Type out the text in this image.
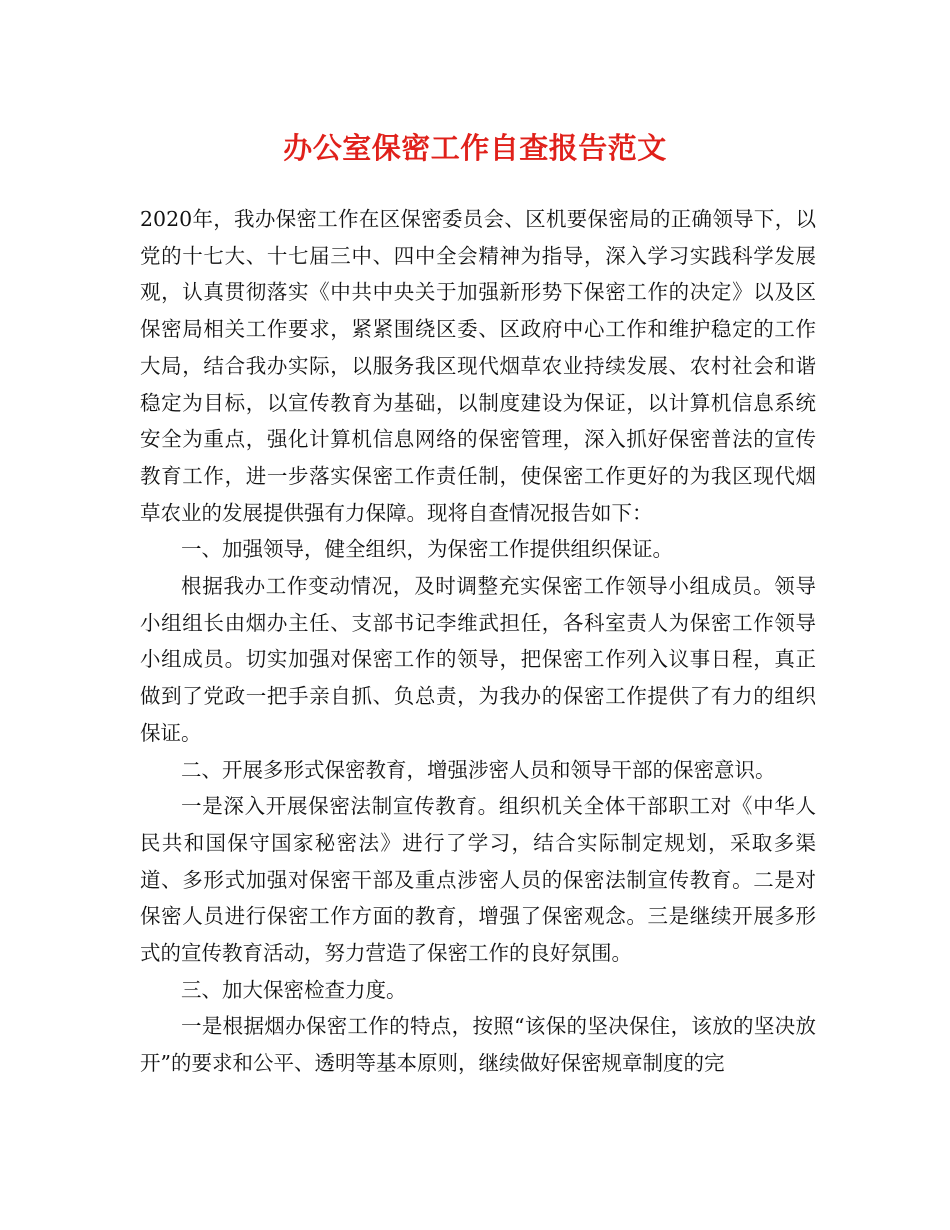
办公室保密工作自查报告范文

2020年，我办保密工作在区保密委员会、区机要保密局的正确领导下，以党的十七大、十七届三中、四中全会精神为指导，深入学习实践科学发展观，认真贯彻落实《中共中央关于加强新形势下保密工作的决定》以及区保密局相关工作要求，紧紧围绕区委、区政府中心工作和维护稳定的工作大局，结合我办实际，以服务我区现代烟草农业持续发展、农村社会和谐稳定为目标，以宣传教育为基础，以制度建设为保证，以计算机信息系统安全为重点，强化计算机信息网络的保密管理，深入抓好保密普法的宣传教育工作，进一步落实保密工作责任制，使保密工作更好的为我区现代烟草农业的发展提供强有力保障。现将自查情况报告如下：

一、加强领导，健全组织，为保密工作提供组织保证。

根据我办工作变动情况，及时调整充实保密工作领导小组成员。领导小组组长由烟办主任、支部书记李维武担任，各科室责人为保密工作领导小组成员。切实加强对保密工作的领导，把保密工作列入议事日程，真正做到了党政一把手亲自抓、负总责，为我办的保密工作提供了有力的组织保证。

二、开展多形式保密教育，增强涉密人员和领导干部的保密意识。

一是深入开展保密法制宣传教育。组织机关全体干部职工对《中华人民共和国保守国家秘密法》进行了学习，结合实际制定规划，采取多渠道、多形式加强对保密干部及重点涉密人员的保密法制宣传教育。二是对保密人员进行保密工作方面的教育，增强了保密观念。三是继续开展多形式的宣传教育活动，努力营造了保密工作的良好氛围。

三、加大保密检查力度。

一是根据烟办保密工作的特点，按照“该保的坚决保住，该放的坚决放开”的要求和公平、透明等基本原则，继续做好保密规章制度的完
